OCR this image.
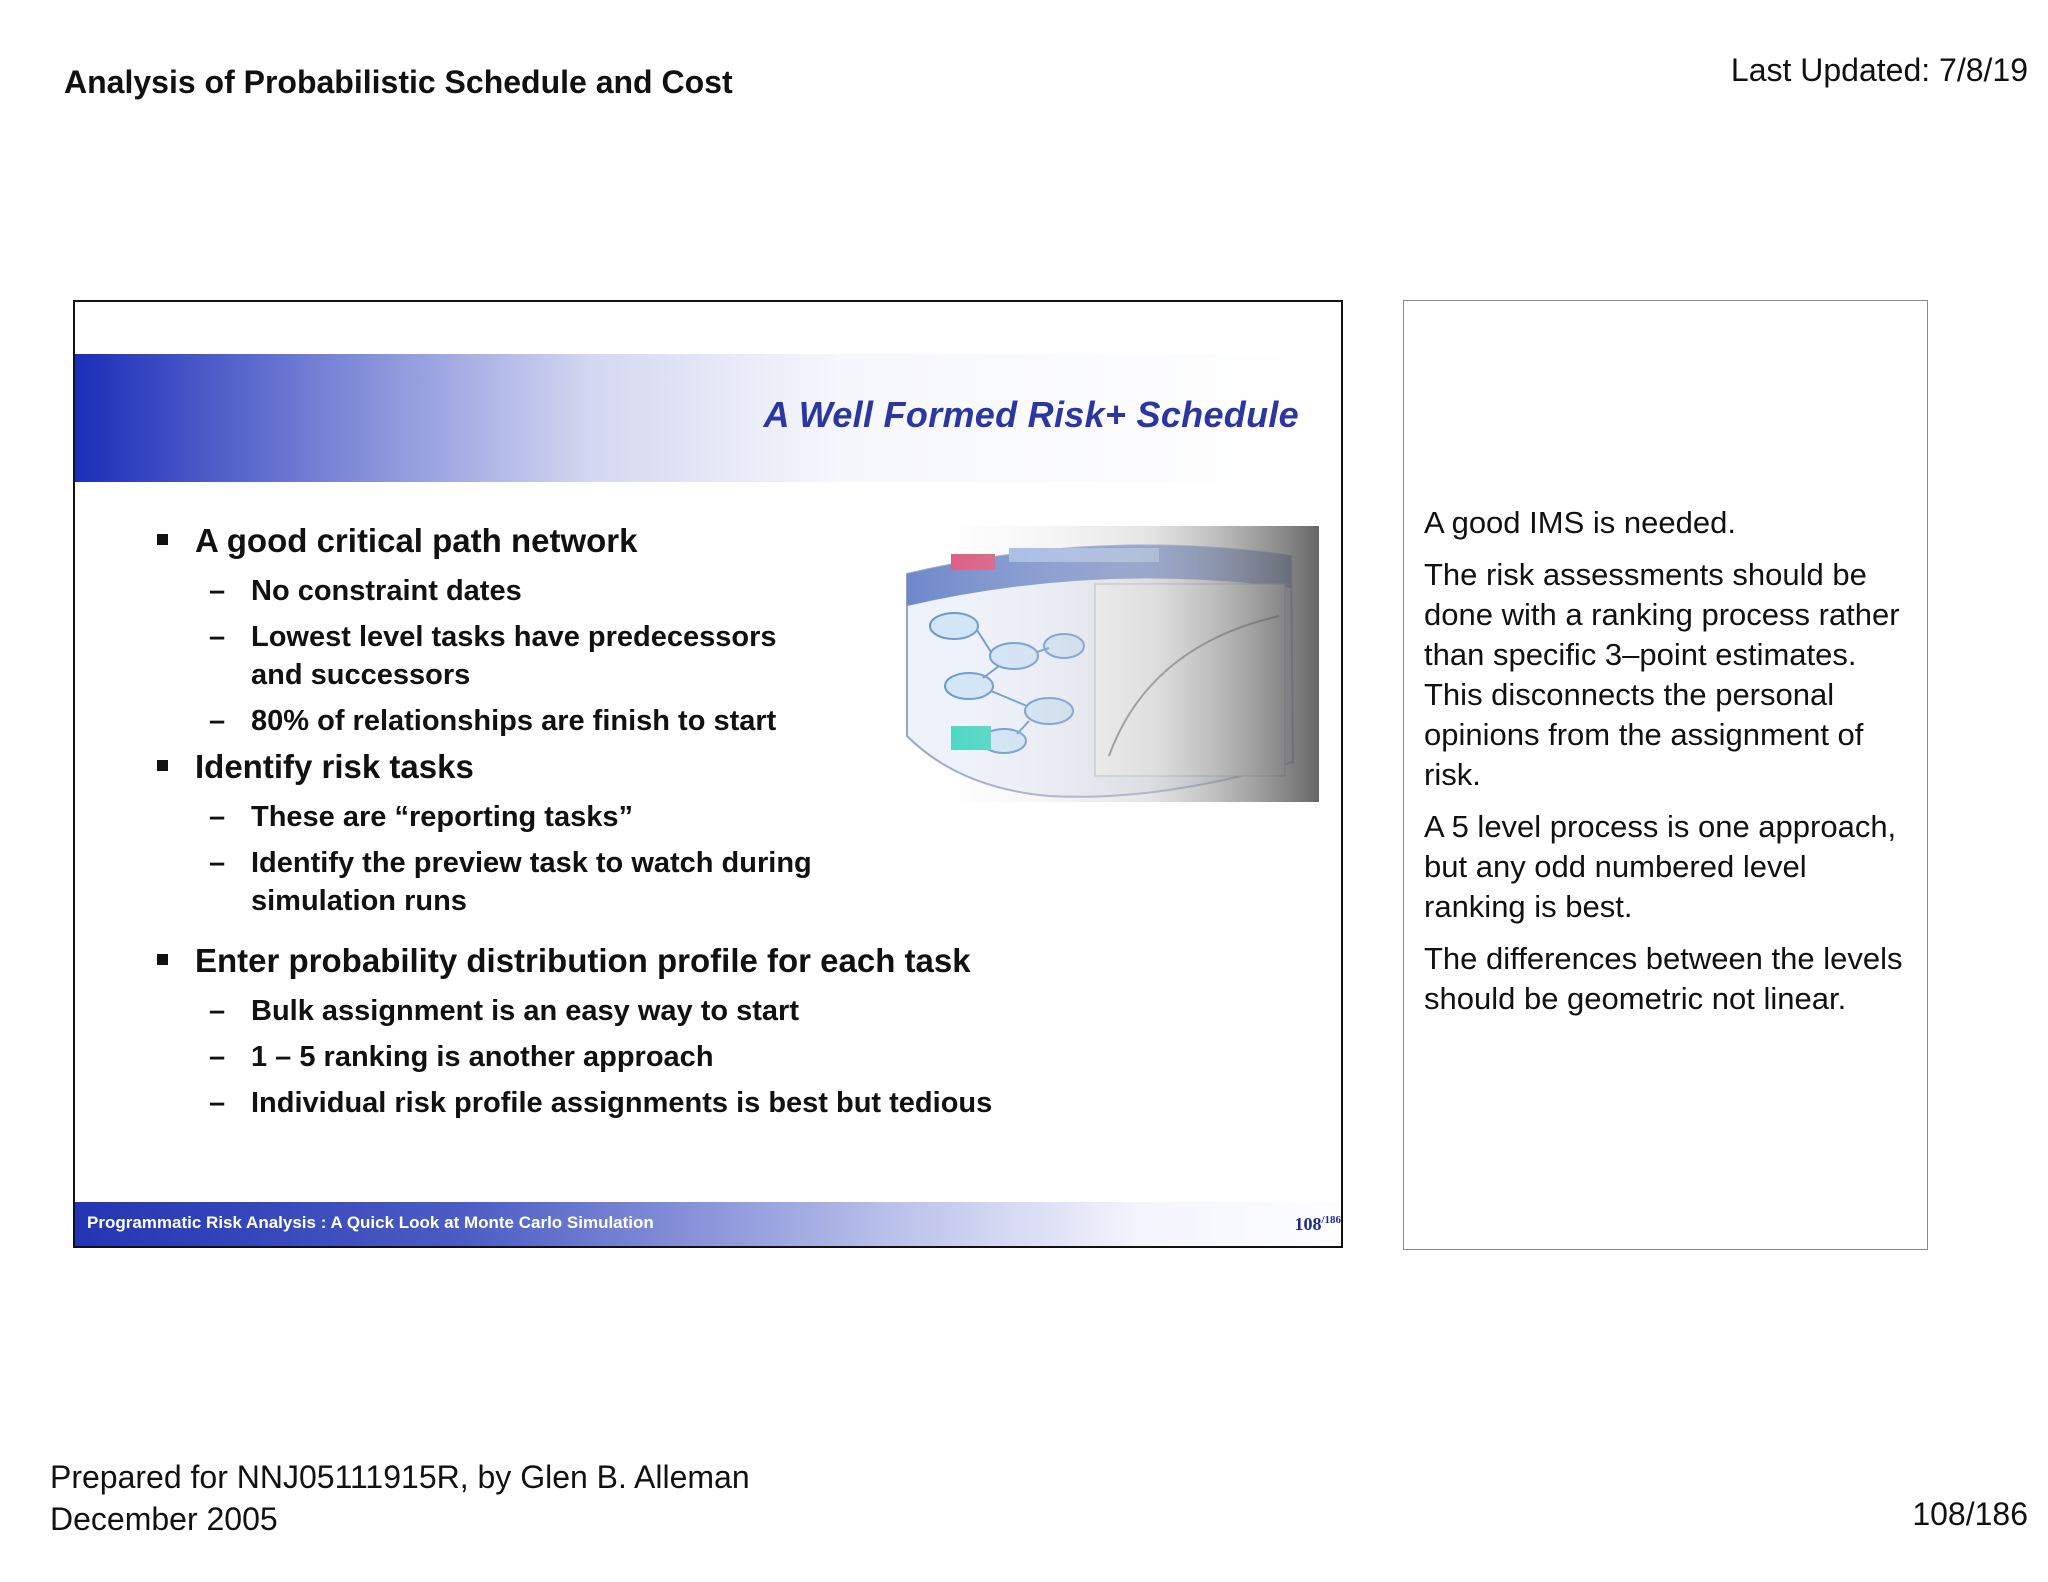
Analysis of Probabilistic Schedule and Cost	Last Updated: 7/8/19
A Well Formed Risk+ Schedule
A good critical path network
– No constraint dates
– Lowest level tasks have predecessors and successors
– 80% of relationships are finish to start
Identify risk tasks
– These are “reporting tasks”
– Identify the preview task to watch during simulation runs
Enter probability distribution profile for each task
– Bulk assignment is an easy way to start
– 1 – 5 ranking is another approach
– Individual risk profile assignments is best but tedious
Programmatic Risk Analysis : A Quick Look at Monte Carlo Simulation	$108^{/186}$

A good IMS is needed.

The risk assessments should be done with a ranking process rather than specific 3–point estimates. This disconnects the personal opinions from the assignment of risk.

A 5 level process is one approach, but any odd numbered level ranking is best.

The differences between the levels should be geometric not linear.

Prepared for NNJ05111915R, by Glen B. Alleman
December 2005	108/186
